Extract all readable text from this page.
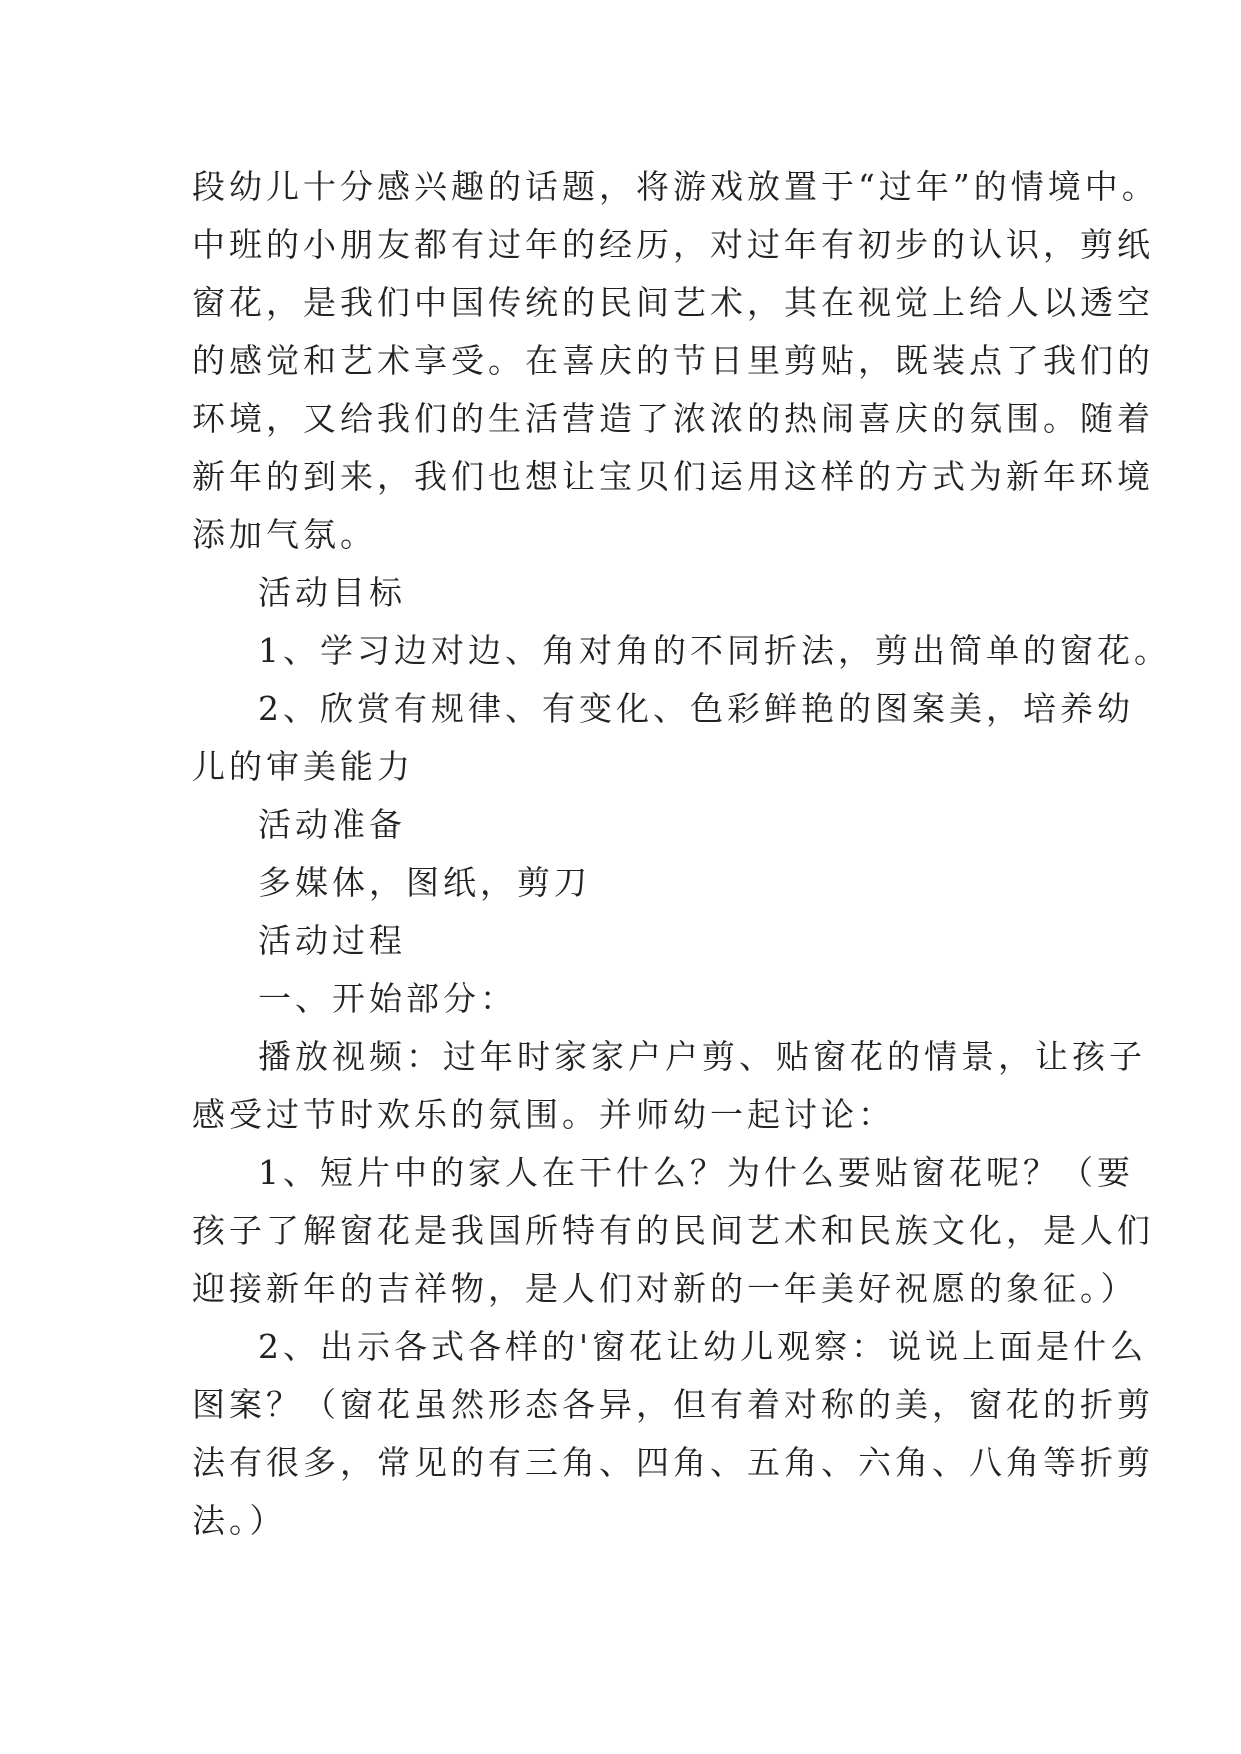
段幼儿十分感兴趣的话题，将游戏放置于“过年”的情境中。
中班的小朋友都有过年的经历，对过年有初步的认识，剪纸
窗花，是我们中国传统的民间艺术，其在视觉上给人以透空
的感觉和艺术享受。在喜庆的节日里剪贴，既装点了我们的
环境，又给我们的生活营造了浓浓的热闹喜庆的氛围。随着
新年的到来，我们也想让宝贝们运用这样的方式为新年环境
添加气氛。
活动目标
1、学习边对边、角对角的不同折法，剪出简单的窗花。
2、欣赏有规律、有变化、色彩鲜艳的图案美，培养幼
儿的审美能力
活动准备
多媒体，图纸，剪刀
活动过程
一、开始部分：
播放视频：过年时家家户户剪、贴窗花的情景，让孩子
感受过节时欢乐的氛围。并师幼一起讨论：
1、短片中的家人在干什么？为什么要贴窗花呢？（要
孩子了解窗花是我国所特有的民间艺术和民族文化，是人们
迎接新年的吉祥物，是人们对新的一年美好祝愿的象征。）
2、出示各式各样的'窗花让幼儿观察：说说上面是什么
图案？（窗花虽然形态各异，但有着对称的美，窗花的折剪
法有很多，常见的有三角、四角、五角、六角、八角等折剪
法。）
